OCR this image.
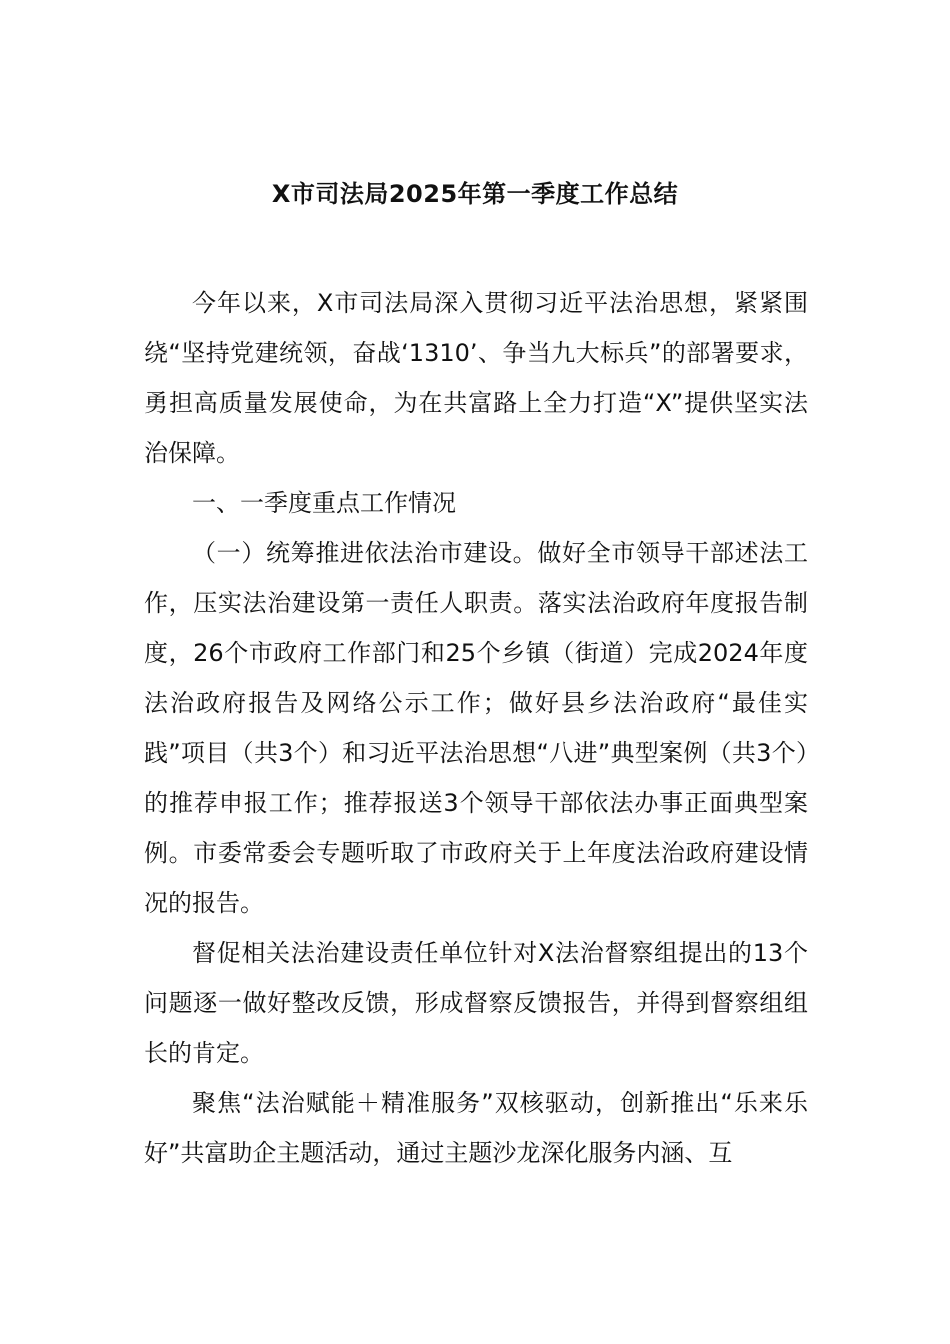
X市司法局2025年第一季度工作总结

今年以来，X市司法局深入贯彻习近平法治思想，紧紧围绕“坚持党建统领，奋战‘1310’、争当九大标兵”的部署要求，勇担高质量发展使命，为在共富路上全力打造“X”提供坚实法治保障。

一、一季度重点工作情况

（一）统筹推进依法治市建设。做好全市领导干部述法工作，压实法治建设第一责任人职责。落实法治政府年度报告制度，26个市政府工作部门和25个乡镇（街道）完成2024年度法治政府报告及网络公示工作；做好县乡法治政府“最佳实践”项目（共3个）和习近平法治思想“八进”典型案例（共3个）的推荐申报工作；推荐报送3个领导干部依法办事正面典型案例。市委常委会专题听取了市政府关于上年度法治政府建设情况的报告。

督促相关法治建设责任单位针对X法治督察组提出的13个问题逐一做好整改反馈，形成督察反馈报告，并得到督察组组长的肯定。

聚焦“法治赋能＋精准服务”双核驱动，创新推出“乐来乐好”共富助企主题活动，通过主题沙龙深化服务内涵、互
